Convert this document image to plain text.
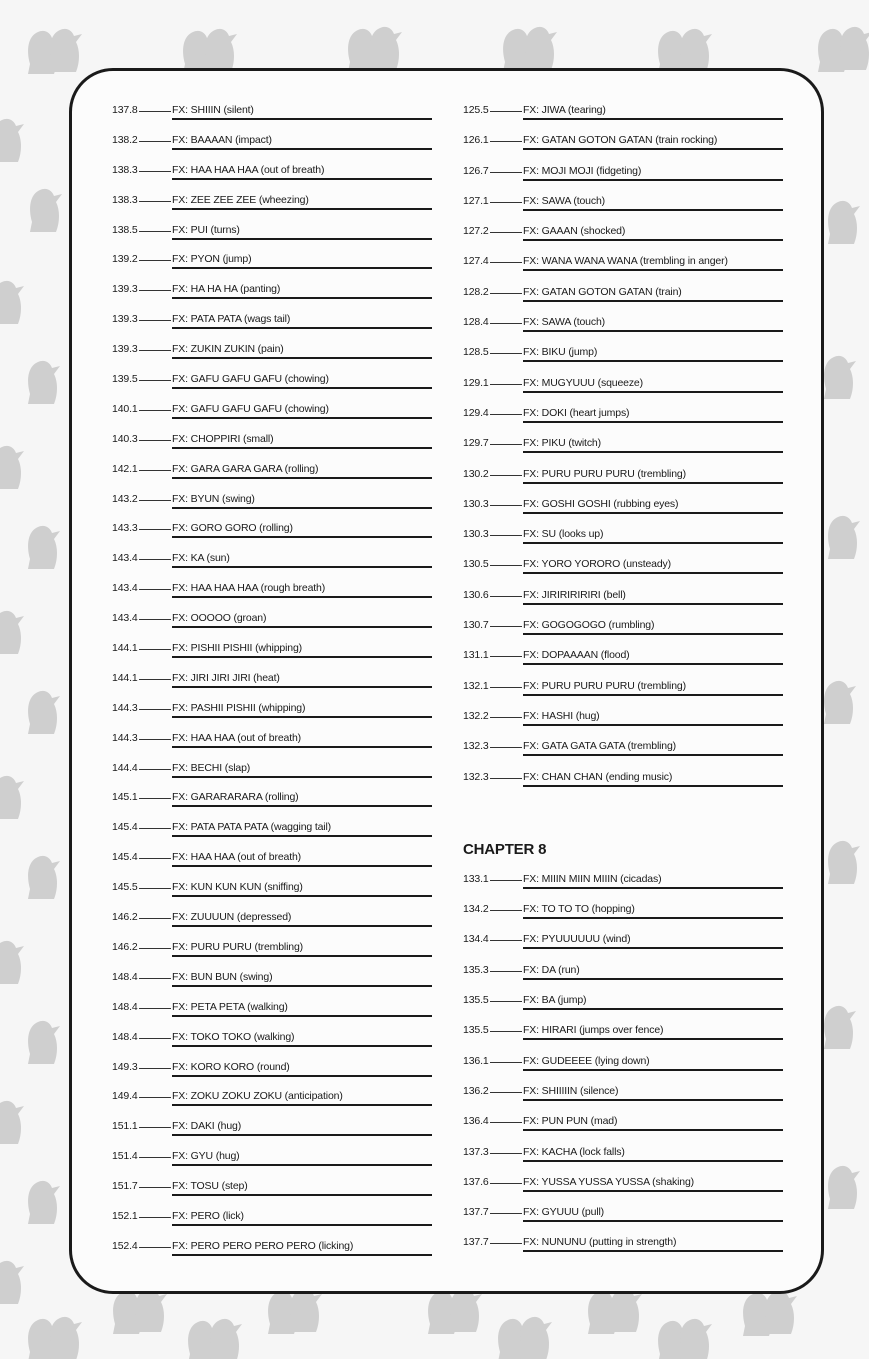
137.8	FX: SHIIIN (silent)
138.2	FX: BAAAAN (impact)
138.3	FX: HAA HAA HAA (out of breath)
138.3	FX: ZEE ZEE ZEE (wheezing)
138.5	FX: PUI (turns)
139.2	FX: PYON (jump)
139.3	FX: HA HA HA (panting)
139.3	FX: PATA PATA (wags tail)
139.3	FX: ZUKIN ZUKIN (pain)
139.5	FX: GAFU GAFU GAFU (chowing)
140.1	FX: GAFU GAFU GAFU (chowing)
140.3	FX: CHOPPIRI (small)
142.1	FX: GARA GARA GARA (rolling)
143.2	FX: BYUN (swing)
143.3	FX: GORO GORO (rolling)
143.4	FX: KA (sun)
143.4	FX: HAA HAA HAA (rough breath)
143.4	FX: OOOOO (groan)
144.1	FX: PISHII PISHII (whipping)
144.1	FX: JIRI JIRI JIRI (heat)
144.3	FX: PASHII PISHII (whipping)
144.3	FX: HAA HAA (out of breath)
144.4	FX: BECHI (slap)
145.1	FX: GARARARARA (rolling)
145.4	FX: PATA PATA PATA (wagging tail)
145.4	FX: HAA HAA (out of breath)
145.5	FX: KUN KUN KUN (sniffing)
146.2	FX: ZUUUUN (depressed)
146.2	FX: PURU PURU (trembling)
148.4	FX: BUN BUN (swing)
148.4	FX: PETA PETA (walking)
148.4	FX: TOKO TOKO (walking)
149.3	FX: KORO KORO (round)
149.4	FX: ZOKU ZOKU ZOKU (anticipation)
151.1	FX: DAKI (hug)
151.4	FX: GYU (hug)
151.7	FX: TOSU (step)
152.1	FX: PERO (lick)
152.4	FX: PERO PERO PERO PERO (licking)
125.5	FX: JIWA (tearing)
126.1	FX: GATAN GOTON GATAN (train rocking)
126.7	FX: MOJI MOJI (fidgeting)
127.1	FX: SAWA (touch)
127.2	FX: GAAAN (shocked)
127.4	FX: WANA WANA WANA (trembling in anger)
128.2	FX: GATAN GOTON GATAN (train)
128.4	FX: SAWA (touch)
128.5	FX: BIKU (jump)
129.1	FX: MUGYUUU (squeeze)
129.4	FX: DOKI (heart jumps)
129.7	FX: PIKU (twitch)
130.2	FX: PURU PURU PURU (trembling)
130.3	FX: GOSHI GOSHI (rubbing eyes)
130.3	FX: SU (looks up)
130.5	FX: YORO YORORO (unsteady)
130.6	FX: JIRIRIRIRIRI (bell)
130.7	FX: GOGOGOGO (rumbling)
131.1	FX: DOPAAAAN (flood)
132.1	FX: PURU PURU PURU (trembling)
132.2	FX: HASHI (hug)
132.3	FX: GATA GATA GATA (trembling)
132.3	FX: CHAN CHAN (ending music)
CHAPTER 8
133.1	FX: MIIIN MIIN MIIIN (cicadas)
134.2	FX: TO TO TO (hopping)
134.4	FX: PYUUUUUU (wind)
135.3	FX: DA (run)
135.5	FX: BA (jump)
135.5	FX: HIRARI (jumps over fence)
136.1	FX: GUDEEEE (lying down)
136.2	FX: SHIIIIIN (silence)
136.4	FX: PUN PUN (mad)
137.3	FX: KACHA (lock falls)
137.6	FX: YUSSA YUSSA YUSSA (shaking)
137.7	FX: GYUUU (pull)
137.7	FX: NUNUNU (putting in strength)
